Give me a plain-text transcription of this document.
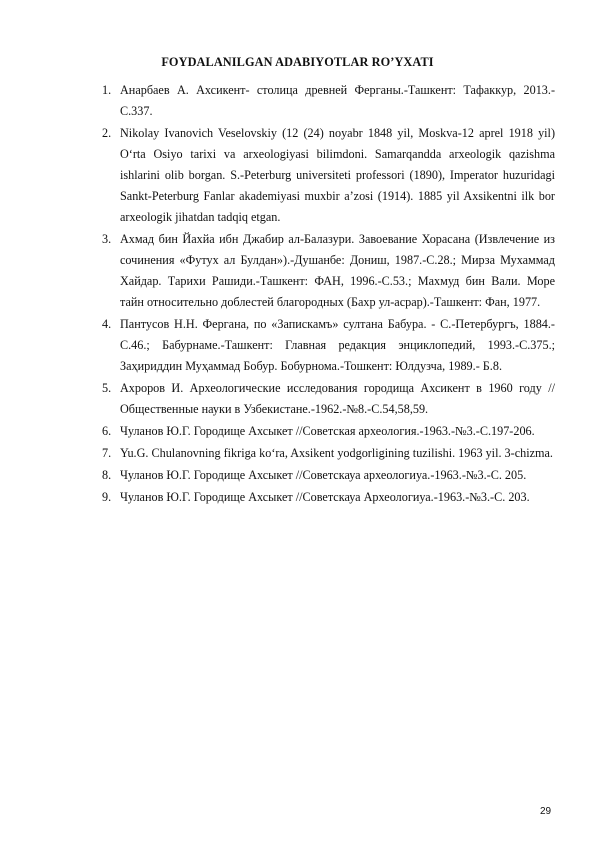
FOYDALANILGAN ADABIYOTLAR RO’YXATI
1. Анарбаев А. Ахсикент- столица древней Ферганы.-Ташкент: Тафаккур, 2013.- С.337.
2. Nikolay Ivanovich Veselovskiy (12 (24) noyabr 1848 yil, Moskva-12 aprel 1918 yil) O‘rta Osiyo tarixi va arxeologiyasi bilimdoni. Samarqandda arxeologik qazishma ishlarini olib borgan. S.-Peterburg universiteti professori (1890), Imperator huzuridagi Sankt-Peterburg Fanlar akademiyasi muxbir a’zosi (1914). 1885 yil Axsikentni ilk bor arxeologik jihatdan tadqiq etgan.
3. Ахмад бин Йахйа ибн Джабир ал-Балазури. Завоевание Хорасана (Извлечение из сочинения «Футух ал Булдан»).-Душанбе: Дониш, 1987.-С.28.; Мирза Мухаммад Хайдар. Тарихи Рашиди.-Ташкент: ФАН, 1996.-С.53.; Махмуд бин Вали. Море тайн относительно доблестей благородных (Бахр ул-асрар).-Ташкент: Фан, 1977.
4. Пантусов Н.Н. Фергана, по «Запискамъ» султана Бабура. - С.-Петербургъ, 1884.- С.46.; Бабурнаме.-Ташкент: Главная редакция энциклопедий, 1993.-С.375.; Заҳириддин Муҳаммад Бобур. Бобурнома.-Тошкент: Юлдузча, 1989.- Б.8.
5. Ахроров И. Археологические исследования городища Ахсикент в 1960 году //Общественные науки в Узбекистане.-1962.-№8.-С.54,58,59.
6. Чуланов Ю.Г. Городище Ахсыкет //Советская археология.-1963.-№3.-С.197-206.
7. Yu.G. Chulanovning fikriga ko‘ra, Axsikent yodgorligining tuzilishi. 1963 yil. 3-chizma.
8. Чуланов Ю.Г. Городище Ахсыкет //Советскауа археологиуа.-1963.-№3.-С. 205.
9. Чуланов Ю.Г. Городище Ахсыкет //Советскауа Археологиуа.-1963.-№3.-С. 203.
29
